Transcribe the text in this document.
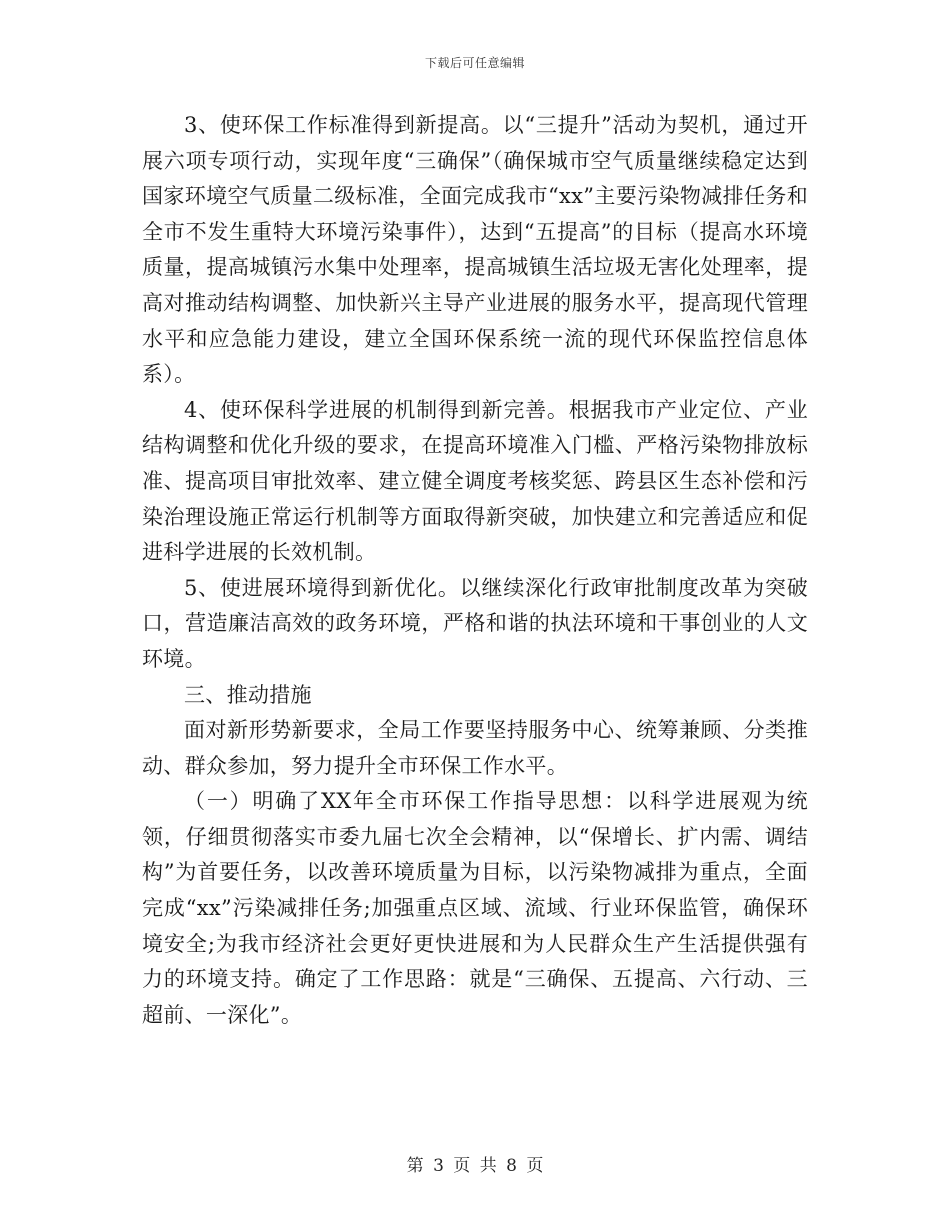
下载后可任意编辑

3、使环保工作标准得到新提高。以“三提升”活动为契机，通过开展六项专项行动，实现年度“三确保”（确保城市空气质量继续稳定达到国家环境空气质量二级标准，全面完成我市“xx”主要污染物减排任务和全市不发生重特大环境污染事件），达到“五提高”的目标（提高水环境质量，提高城镇污水集中处理率，提高城镇生活垃圾无害化处理率，提高对推动结构调整、加快新兴主导产业进展的服务水平，提高现代管理水平和应急能力建设，建立全国环保系统一流的现代环保监控信息体系）。

4、使环保科学进展的机制得到新完善。根据我市产业定位、产业结构调整和优化升级的要求，在提高环境准入门槛、严格污染物排放标准、提高项目审批效率、建立健全调度考核奖惩、跨县区生态补偿和污染治理设施正常运行机制等方面取得新突破，加快建立和完善适应和促进科学进展的长效机制。

5、使进展环境得到新优化。以继续深化行政审批制度改革为突破口，营造廉洁高效的政务环境，严格和谐的执法环境和干事创业的人文环境。

三、推动措施

面对新形势新要求，全局工作要坚持服务中心、统筹兼顾、分类推动、群众参加，努力提升全市环保工作水平。

（一）明确了XX年全市环保工作指导思想：以科学进展观为统领，仔细贯彻落实市委九届七次全会精神，以“保增长、扩内需、调结构”为首要任务，以改善环境质量为目标，以污染物减排为重点，全面完成“xx”污染减排任务;加强重点区域、流域、行业环保监管，确保环境安全;为我市经济社会更好更快进展和为人民群众生产生活提供强有力的环境支持。确定了工作思路：就是“三确保、五提高、六行动、三超前、一深化”。

第 3 页 共 8 页
